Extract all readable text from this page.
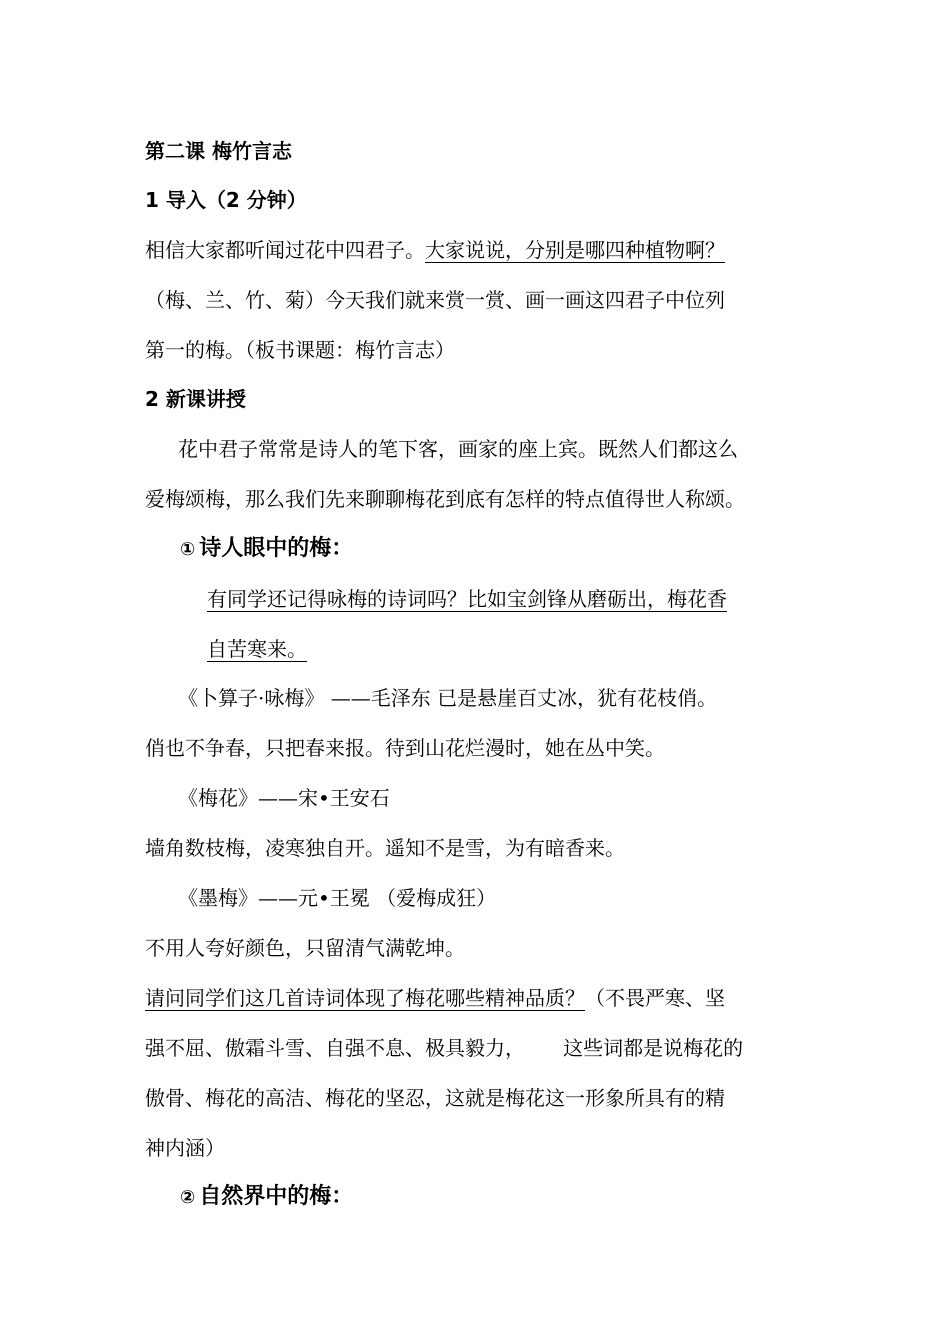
第二课 梅竹言志
1 导入（2 分钟）
相信大家都听闻过花中四君子。大家说说，分别是哪四种植物啊？
（梅、兰、竹、菊）今天我们就来赏一赏、画一画这四君子中位列
第一的梅。（板书课题：梅竹言志）
2 新课讲授
花中君子常常是诗人的笔下客，画家的座上宾。既然人们都这么
爱梅颂梅，那么我们先来聊聊梅花到底有怎样的特点值得世人称颂。
① 诗人眼中的梅：
有同学还记得咏梅的诗词吗？比如宝剑锋从磨砺出，梅花香
自苦寒来。
《卜算子·咏梅》 ——毛泽东 已是悬崖百丈冰，犹有花枝俏。
俏也不争春，只把春来报。待到山花烂漫时，她在丛中笑。
《梅花》——宋•王安石
墙角数枝梅，凌寒独自开。遥知不是雪，为有暗香来。
《墨梅》——元•王冕 （爱梅成狂）
不用人夸好颜色，只留清气满乾坤。
请问同学们这几首诗词体现了梅花哪些精神品质？（不畏严寒、坚
强不屈、傲霜斗雪、自强不息、极具毅力，      这些词都是说梅花的
傲骨、梅花的高洁、梅花的坚忍，这就是梅花这一形象所具有的精
神内涵）
② 自然界中的梅：
